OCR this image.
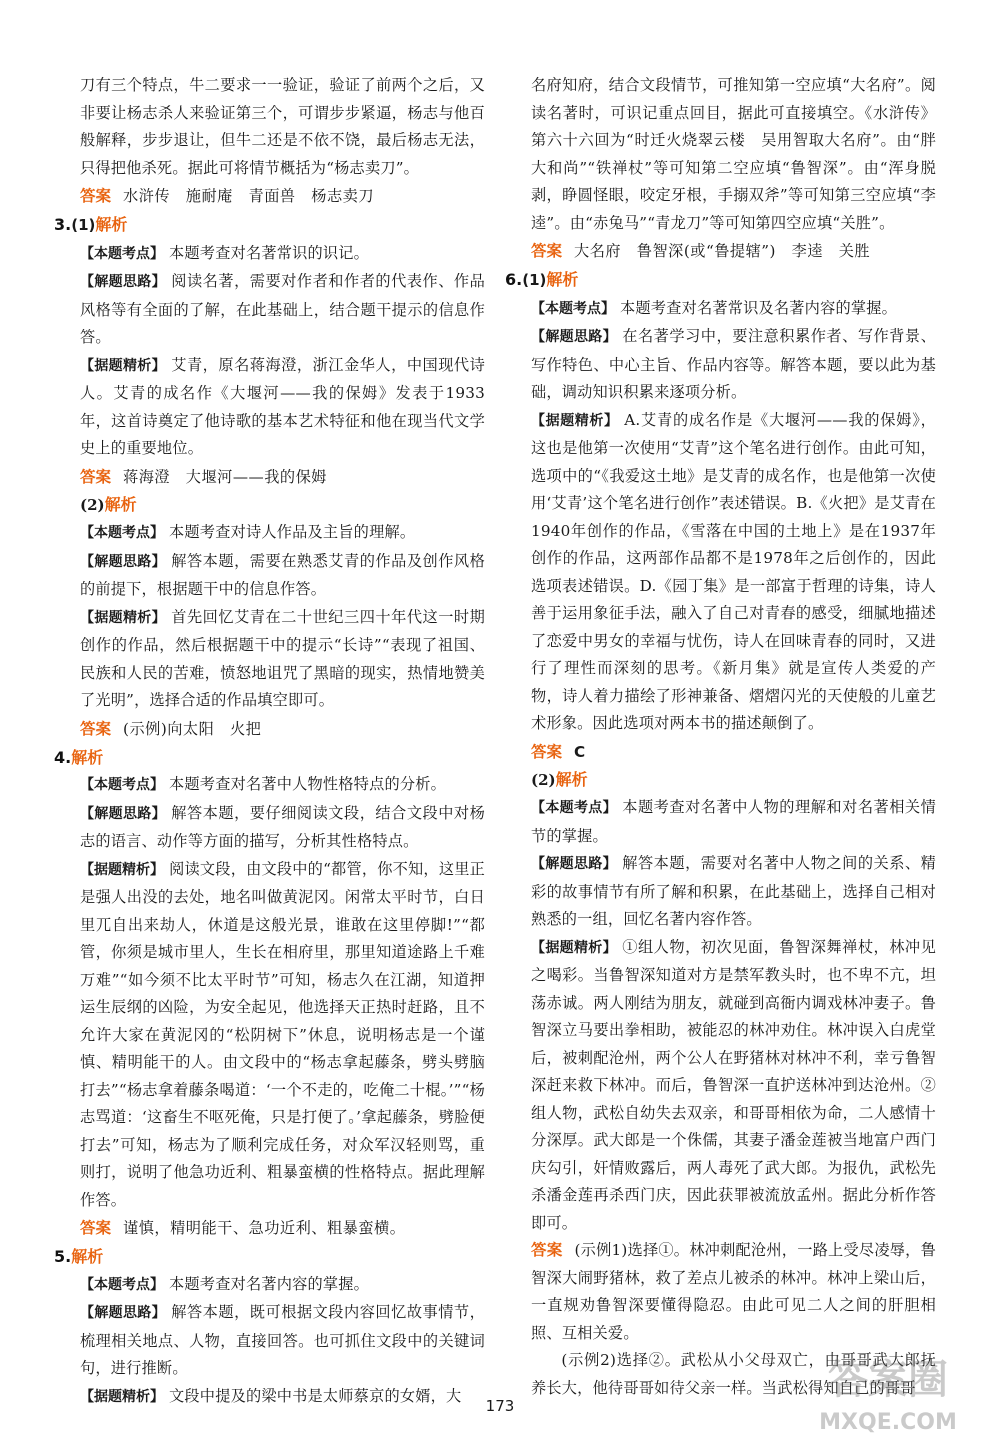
刀有三个特点，牛二要求一一验证，验证了前两个之后，又非要让杨志杀人来验证第三个，可谓步步紧逼，杨志与他百般解释，步步退让，但牛二还是不依不饶，最后杨志无法，只得把他杀死。据此可将情节概括为“杨志卖刀”。

答案 水浒传　施耐庵　青面兽　杨志卖刀
3.(1)解析

【本题考点】 本题考查对名著常识的识记。

【解题思路】 阅读名著，需要对作者和作者的代表作、作品风格等有全面的了解，在此基础上，结合题干提示的信息作答。

【据题精析】 艾青，原名蒋海澄，浙江金华人，中国现代诗人。艾青的成名作《大堰河——我的保姆》发表于1933年，这首诗奠定了他诗歌的基本艺术特征和他在现当代文学史上的重要地位。

答案 蒋海澄　大堰河——我的保姆
(2)解析

【本题考点】 本题考查对诗人作品及主旨的理解。

【解题思路】 解答本题，需要在熟悉艾青的作品及创作风格的前提下，根据题干中的信息作答。

【据题精析】 首先回忆艾青在二十世纪三四十年代这一时期创作的作品，然后根据题干中的提示“长诗”“表现了祖国、民族和人民的苦难，愤怒地诅咒了黑暗的现实，热情地赞美了光明”，选择合适的作品填空即可。

答案 (示例)向太阳　火把
4.解析

【本题考点】 本题考查对名著中人物性格特点的分析。

【解题思路】 解答本题，要仔细阅读文段，结合文段中对杨志的语言、动作等方面的描写，分析其性格特点。

【据题精析】 阅读文段，由文段中的“都管，你不知，这里正是强人出没的去处，地名叫做黄泥冈。闲常太平时节，白日里兀自出来劫人，休道是这般光景，谁敢在这里停脚!”“都管，你须是城市里人，生长在相府里，那里知道途路上千难万难”“如今须不比太平时节”可知，杨志久在江湖，知道押运生辰纲的凶险，为安全起见，他选择天正热时赶路，且不允许大家在黄泥冈的“松阴树下”休息，说明杨志是一个谨慎、精明能干的人。由文段中的“杨志拿起藤条，劈头劈脑打去”“杨志拿着藤条喝道：‘一个不走的，吃俺二十棍。’”“杨志骂道：‘这畜生不呕死俺，只是打便了。’拿起藤条，劈脸便打去”可知，杨志为了顺利完成任务，对众军汉轻则骂，重则打，说明了他急功近利、粗暴蛮横的性格特点。据此理解作答。

答案 谨慎，精明能干、急功近利、粗暴蛮横。
5.解析

【本题考点】 本题考查对名著内容的掌握。

【解题思路】 解答本题，既可根据文段内容回忆故事情节，梳理相关地点、人物，直接回答。也可抓住文段中的关键词句，进行推断。

【据题精析】 文段中提及的梁中书是太师蔡京的女婿，大

名府知府，结合文段情节，可推知第一空应填“大名府”。阅读名著时，可识记重点回目，据此可直接填空。《水浒传》第六十六回为“时迁火烧翠云楼　吴用智取大名府”。由“胖大和尚”“铁禅杖”等可知第二空应填“鲁智深”。由“浑身脱剥，睁圆怪眼，咬定牙根，手搦双斧”等可知第三空应填“李逵”。由“赤兔马”“青龙刀”等可知第四空应填“关胜”。

答案 大名府　鲁智深(或“鲁提辖”)　李逵　关胜
6.(1)解析

【本题考点】 本题考查对名著常识及名著内容的掌握。

【解题思路】 在名著学习中，要注意积累作者、写作背景、写作特色、中心主旨、作品内容等。解答本题，要以此为基础，调动知识积累来逐项分析。

【据题精析】 A.艾青的成名作是《大堰河——我的保姆》，这也是他第一次使用“艾青”这个笔名进行创作。由此可知，选项中的“《我爱这土地》是艾青的成名作，也是他第一次使用‘艾青’这个笔名进行创作”表述错误。B.《火把》是艾青在1940年创作的作品，《雪落在中国的土地上》是在1937年创作的作品，这两部作品都不是1978年之后创作的，因此选项表述错误。D.《园丁集》是一部富于哲理的诗集，诗人善于运用象征手法，融入了自己对青春的感受，细腻地描述了恋爱中男女的幸福与忧伤，诗人在回味青春的同时，又进行了理性而深刻的思考。《新月集》就是宣传人类爱的产物，诗人着力描绘了形神兼备、熠熠闪光的天使般的儿童艺术形象。因此选项对两本书的描述颠倒了。

答案 C
(2)解析

【本题考点】 本题考查对名著中人物的理解和对名著相关情节的掌握。

【解题思路】 解答本题，需要对名著中人物之间的关系、精彩的故事情节有所了解和积累，在此基础上，选择自己相对熟悉的一组，回忆名著内容作答。

【据题精析】 ①组人物，初次见面，鲁智深舞禅杖，林冲见之喝彩。当鲁智深知道对方是禁军教头时，也不卑不亢，坦荡赤诚。两人刚结为朋友，就碰到高衙内调戏林冲妻子。鲁智深立马要出拳相助，被能忍的林冲劝住。林冲误入白虎堂后，被刺配沧州，两个公人在野猪林对林冲不利，幸亏鲁智深赶来救下林冲。而后，鲁智深一直护送林冲到达沧州。②组人物，武松自幼失去双亲，和哥哥相依为命，二人感情十分深厚。武大郎是一个侏儒，其妻子潘金莲被当地富户西门庆勾引，奸情败露后，两人毒死了武大郎。为报仇，武松先杀潘金莲再杀西门庆，因此获罪被流放孟州。据此分析作答即可。

答案 (示例1)选择①。林冲刺配沧州，一路上受尽凌辱，鲁智深大闹野猪林，救了差点儿被杀的林冲。林冲上梁山后，一直规劝鲁智深要懂得隐忍。由此可见二人之间的肝胆相照、互相关爱。

(示例2)选择②。武松从小父母双亡，由哥哥武大郎抚养长大，他待哥哥如待父亲一样。当武松得知自己的哥哥

173
答案圈
MXQE.COM
